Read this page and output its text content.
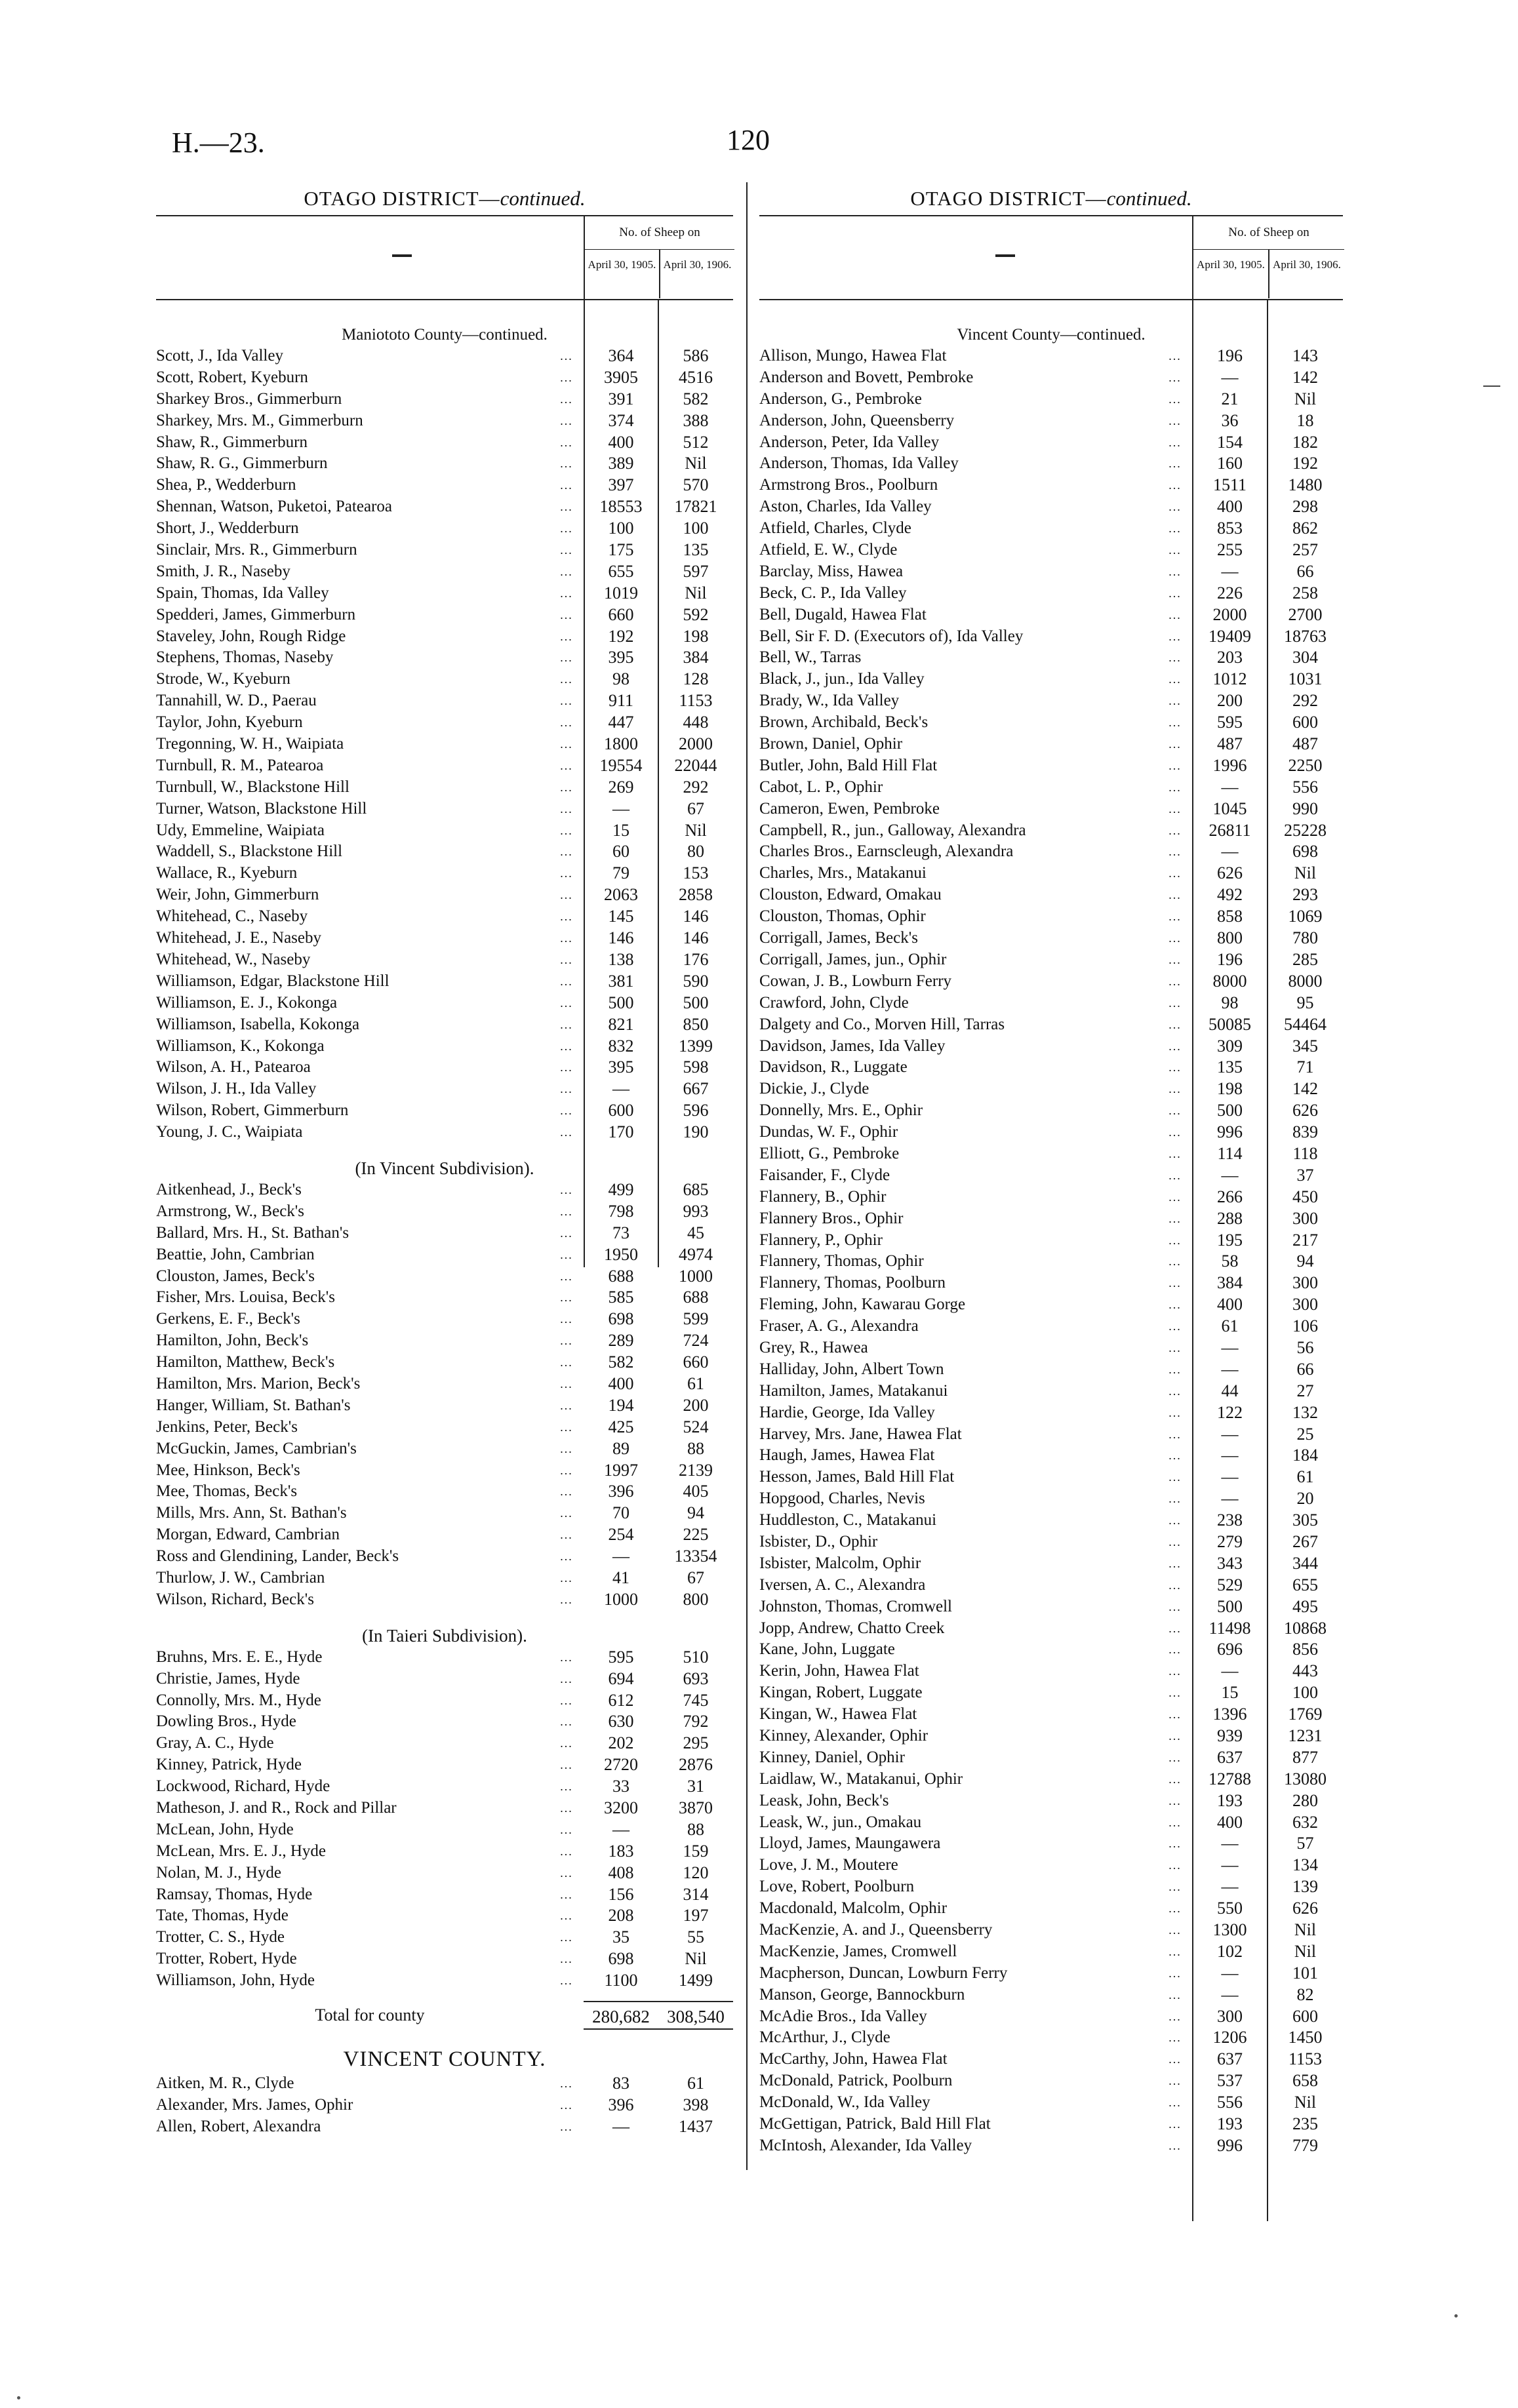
H.—23.	120
OTAGO DISTRICT—continued.
No. of Sheep on
April 30, 1905. April 30, 1906.
Maniototo County—continued.
Scott, J., Ida Valley	...	364	586
Scott, Robert, Kyeburn	...	3905	4516
Sharkey Bros., Gimmerburn	...	391	582
Sharkey, Mrs. M., Gimmerburn	...	374	388
Shaw, R., Gimmerburn	...	400	512
Shaw, R. G., Gimmerburn	...	389	Nil
Shea, P., Wedderburn	...	397	570
Shennan, Watson, Puketoi, Patearoa	...	18553	17821
Short, J., Wedderburn	...	100	100
Sinclair, Mrs. R., Gimmerburn	...	175	135
Smith, J. R., Naseby	...	655	597
Spain, Thomas, Ida Valley	...	1019	Nil
Spedderi, James, Gimmerburn	...	660	592
Staveley, John, Rough Ridge	...	192	198
Stephens, Thomas, Naseby	...	395	384
Strode, W., Kyeburn	...	98	128
Tannahill, W. D., Paerau	...	911	1153
Taylor, John, Kyeburn	...	447	448
Tregonning, W. H., Waipiata	...	1800	2000
Turnbull, R. M., Patearoa	...	19554	22044
Turnbull, W., Blackstone Hill	...	269	292
Turner, Watson, Blackstone Hill	...	—	67
Udy, Emmeline, Waipiata	...	15	Nil
Waddell, S., Blackstone Hill	...	60	80
Wallace, R., Kyeburn	...	79	153
Weir, John, Gimmerburn	...	2063	2858
Whitehead, C., Naseby	...	145	146
Whitehead, J. E., Naseby	...	146	146
Whitehead, W., Naseby	...	138	176
Williamson, Edgar, Blackstone Hill	...	381	590
Williamson, E. J., Kokonga	...	500	500
Williamson, Isabella, Kokonga	...	821	850
Williamson, K., Kokonga	...	832	1399
Wilson, A. H., Patearoa	...	395	598
Wilson, J. H., Ida Valley	...	—	667
Wilson, Robert, Gimmerburn	...	600	596
Young, J. C., Waipiata	...	170	190
(In Vincent Subdivision).
Aitkenhead, J., Beck's	...	499	685
Armstrong, W., Beck's	...	798	993
Ballard, Mrs. H., St. Bathan's	...	73	45
Beattie, John, Cambrian	...	1950	4974
Clouston, James, Beck's	...	688	1000
Fisher, Mrs. Louisa, Beck's	...	585	688
Gerkens, E. F., Beck's	...	698	599
Hamilton, John, Beck's	...	289	724
Hamilton, Matthew, Beck's	...	582	660
Hamilton, Mrs. Marion, Beck's	...	400	61
Hanger, William, St. Bathan's	...	194	200
Jenkins, Peter, Beck's	...	425	524
McGuckin, James, Cambrian's	...	89	88
Mee, Hinkson, Beck's	...	1997	2139
Mee, Thomas, Beck's	...	396	405
Mills, Mrs. Ann, St. Bathan's	...	70	94
Morgan, Edward, Cambrian	...	254	225
Ross and Glendining, Lander, Beck's	...	—	13354
Thurlow, J. W., Cambrian	...	41	67
Wilson, Richard, Beck's	...	1000	800
(In Taieri Subdivision).
Bruhns, Mrs. E. E., Hyde	...	595	510
Christie, James, Hyde	...	694	693
Connolly, Mrs. M., Hyde	...	612	745
Dowling Bros., Hyde	...	630	792
Gray, A. C., Hyde	...	202	295
Kinney, Patrick, Hyde	...	2720	2876
Lockwood, Richard, Hyde	...	33	31
Matheson, J. and R., Rock and Pillar	...	3200	3870
McLean, John, Hyde	...	—	88
McLean, Mrs. E. J., Hyde	...	183	159
Nolan, M. J., Hyde	...	408	120
Ramsay, Thomas, Hyde	...	156	314
Tate, Thomas, Hyde	...	208	197
Trotter, C. S., Hyde	...	35	55
Trotter, Robert, Hyde	...	698	Nil
Williamson, John, Hyde	...	1100	1499
Total for county	280,682 308,540
VINCENT COUNTY.
Aitken, M. R., Clyde	...	83	61
Alexander, Mrs. James, Ophir	...	396	398
Allen, Robert, Alexandra	...	—	1437
OTAGO DISTRICT—continued.
No. of Sheep on
April 30, 1905. April 30, 1906.
Vincent County—continued.
Allison, Mungo, Hawea Flat	...	196	143
Anderson and Bovett, Pembroke	...	—	142
Anderson, G., Pembroke	...	21	Nil
Anderson, John, Queensberry	...	36	18
Anderson, Peter, Ida Valley	...	154	182
Anderson, Thomas, Ida Valley	...	160	192
Armstrong Bros., Poolburn	...	1511	1480
Aston, Charles, Ida Valley	...	400	298
Atfield, Charles, Clyde	...	853	862
Atfield, E. W., Clyde	...	255	257
Barclay, Miss, Hawea	...	—	66
Beck, C. P., Ida Valley	...	226	258
Bell, Dugald, Hawea Flat	...	2000	2700
Bell, Sir F. D. (Executors of), Ida Valley	...	19409	18763
Bell, W., Tarras	...	203	304
Black, J., jun., Ida Valley	...	1012	1031
Brady, W., Ida Valley	...	200	292
Brown, Archibald, Beck's	...	595	600
Brown, Daniel, Ophir	...	487	487
Butler, John, Bald Hill Flat	...	1996	2250
Cabot, L. P., Ophir	...	—	556
Cameron, Ewen, Pembroke	...	1045	990
Campbell, R., jun., Galloway, Alexandra	...	26811	25228
Charles Bros., Earnscleugh, Alexandra	...	—	698
Charles, Mrs., Matakanui	...	626	Nil
Clouston, Edward, Omakau	...	492	293
Clouston, Thomas, Ophir	...	858	1069
Corrigall, James, Beck's	...	800	780
Corrigall, James, jun., Ophir	...	196	285
Cowan, J. B., Lowburn Ferry	...	8000	8000
Crawford, John, Clyde	...	98	95
Dalgety and Co., Morven Hill, Tarras	...	50085	54464
Davidson, James, Ida Valley	...	309	345
Davidson, R., Luggate	...	135	71
Dickie, J., Clyde	...	198	142
Donnelly, Mrs. E., Ophir	...	500	626
Dundas, W. F., Ophir	...	996	839
Elliott, G., Pembroke	...	114	118
Faisander, F., Clyde	...	—	37
Flannery, B., Ophir	...	266	450
Flannery Bros., Ophir	...	288	300
Flannery, P., Ophir	...	195	217
Flannery, Thomas, Ophir	...	58	94
Flannery, Thomas, Poolburn	...	384	300
Fleming, John, Kawarau Gorge	...	400	300
Fraser, A. G., Alexandra	...	61	106
Grey, R., Hawea	...	—	56
Halliday, John, Albert Town	...	—	66
Hamilton, James, Matakanui	...	44	27
Hardie, George, Ida Valley	...	122	132
Harvey, Mrs. Jane, Hawea Flat	...	—	25
Haugh, James, Hawea Flat	...	—	184
Hesson, James, Bald Hill Flat	...	—	61
Hopgood, Charles, Nevis	...	—	20
Huddleston, C., Matakanui	...	238	305
Isbister, D., Ophir	...	279	267
Isbister, Malcolm, Ophir	...	343	344
Iversen, A. C., Alexandra	...	529	655
Johnston, Thomas, Cromwell	...	500	495
Jopp, Andrew, Chatto Creek	...	11498	10868
Kane, John, Luggate	...	696	856
Kerin, John, Hawea Flat	...	—	443
Kingan, Robert, Luggate	...	15	100
Kingan, W., Hawea Flat	...	1396	1769
Kinney, Alexander, Ophir	...	939	1231
Kinney, Daniel, Ophir	...	637	877
Laidlaw, W., Matakanui, Ophir	...	12788	13080
Leask, John, Beck's	...	193	280
Leask, W., jun., Omakau	...	400	632
Lloyd, James, Maungawera	...	—	57
Love, J. M., Moutere	...	—	134
Love, Robert, Poolburn	...	—	139
Macdonald, Malcolm, Ophir	...	550	626
MacKenzie, A. and J., Queensberry	...	1300	Nil
MacKenzie, James, Cromwell	...	102	Nil
Macpherson, Duncan, Lowburn Ferry	...	—	101
Manson, George, Bannockburn	...	—	82
McAdie Bros., Ida Valley	...	300	600
McArthur, J., Clyde	...	1206	1450
McCarthy, John, Hawea Flat	...	637	1153
McDonald, Patrick, Poolburn	...	537	658
McDonald, W., Ida Valley	...	556	Nil
McGettigan, Patrick, Bald Hill Flat	...	193	235
McIntosh, Alexander, Ida Valley	...	996	779
